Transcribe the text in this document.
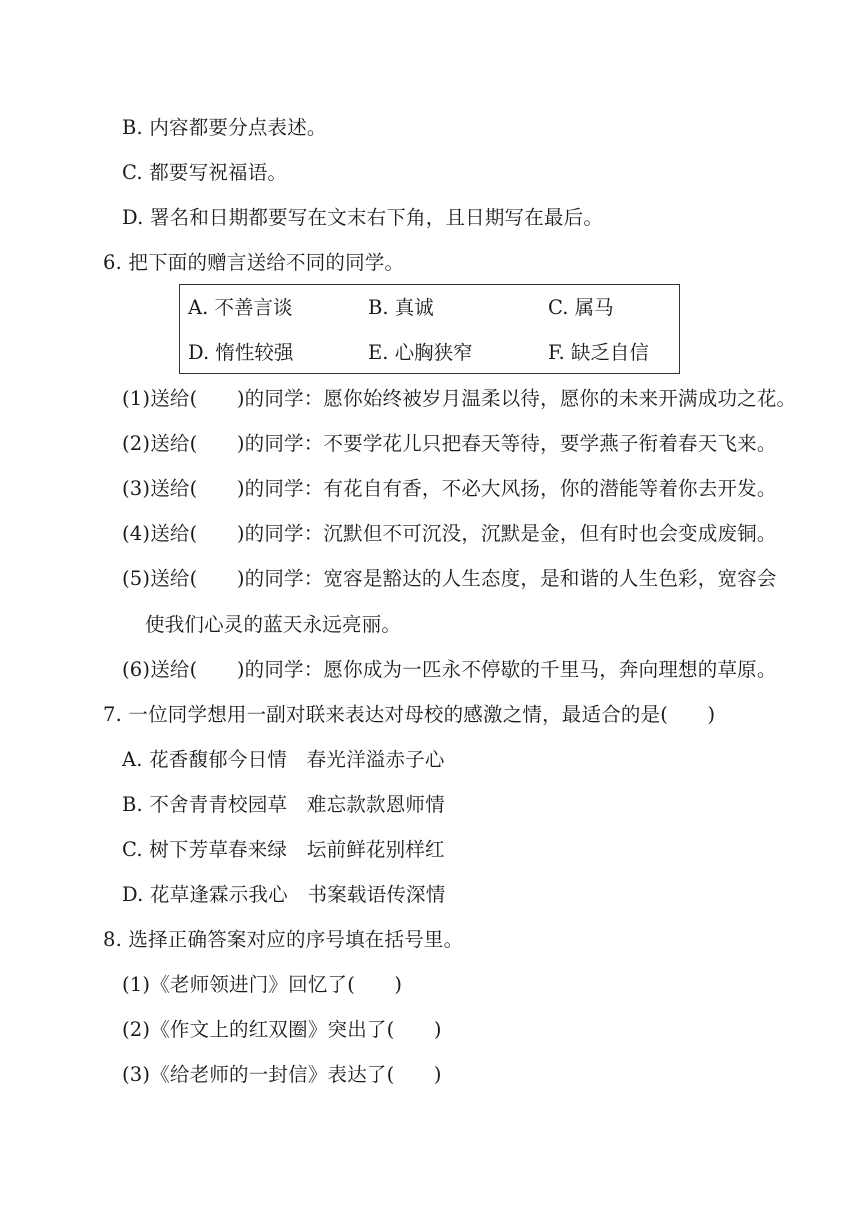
B. 内容都要分点表述。
C. 都要写祝福语。
D. 署名和日期都要写在文末右下角，且日期写在最后。
6. 把下面的赠言送给不同的同学。
A. 不善言谈	B. 真诚	C. 属马
D. 惰性较强	E. 心胸狭窄	F. 缺乏自信
(1)送给(　　)的同学：愿你始终被岁月温柔以待，愿你的未来开满成功之花。
(2)送给(　　)的同学：不要学花儿只把春天等待，要学燕子衔着春天飞来。
(3)送给(　　)的同学：有花自有香，不必大风扬，你的潜能等着你去开发。
(4)送给(　　)的同学：沉默但不可沉没，沉默是金，但有时也会变成废铜。
(5)送给(　　)的同学：宽容是豁达的人生态度，是和谐的人生色彩，宽容会
使我们心灵的蓝天永远亮丽。
(6)送给(　　)的同学：愿你成为一匹永不停歇的千里马，奔向理想的草原。
7. 一位同学想用一副对联来表达对母校的感激之情，最适合的是(　　)
A. 花香馥郁今日情　春光洋溢赤子心
B. 不舍青青校园草　难忘款款恩师情
C. 树下芳草春来绿　坛前鲜花别样红
D. 花草逢霖示我心　书案载语传深情
8. 选择正确答案对应的序号填在括号里。
(1)《老师领进门》回忆了(　　)
(2)《作文上的红双圈》突出了(　　)
(3)《给老师的一封信》表达了(　　)
